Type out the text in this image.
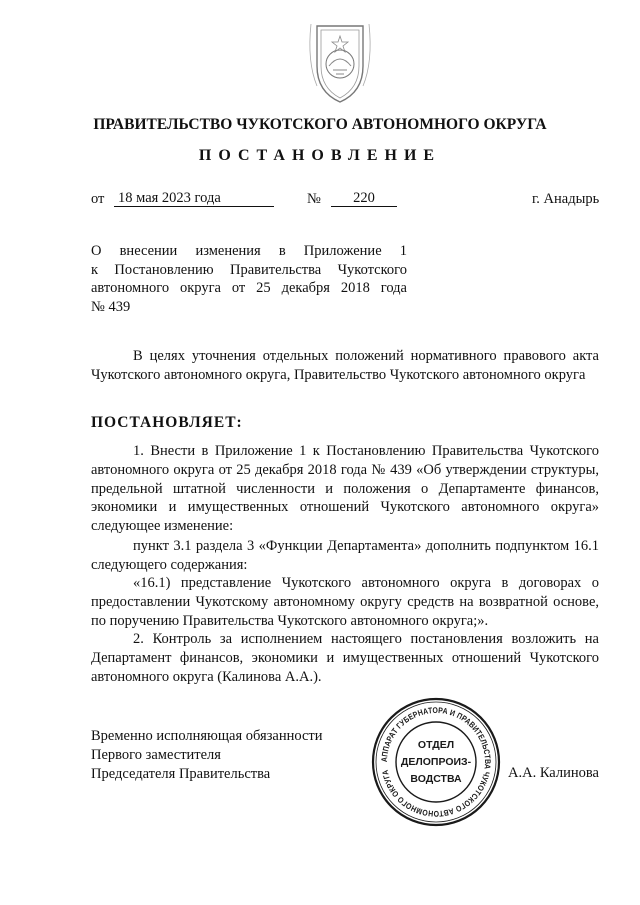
ПРАВИТЕЛЬСТВО ЧУКОТСКОГО АВТОНОМНОГО ОКРУГА
ПОСТАНОВЛЕНИЕ
от 18 мая 2023 года	№	220	г. Анадырь
О внесении изменения в Приложение 1
к Постановлению Правительства Чукотского
автономного округа от 25 декабря 2018 года
№ 439
В целях уточнения отдельных положений нормативного правового акта Чукотского автономного округа, Правительство Чукотского автономного округа
ПОСТАНОВЛЯЕТ:
1. Внести в Приложение 1 к Постановлению Правительства Чукотского автономного округа от 25 декабря 2018 года № 439 «Об утверждении структуры, предельной штатной численности и положения о Департаменте финансов, экономики и имущественных отношений Чукотского автономного округа» следующее изменение:
пункт 3.1 раздела 3 «Функции Департамента» дополнить подпунктом 16.1 следующего содержания:
«16.1) представление Чукотского автономного округа в договорах о предоставлении Чукотскому автономному округу средств на возвратной основе, по поручению Правительства Чукотского автономного округа;».
2. Контроль за исполнением настоящего постановления возложить на Департамент финансов, экономики и имущественных отношений Чукотского автономного округа (Калинова А.А.).
Временно исполняющая обязанности
Первого заместителя
Председателя Правительства	А.А. Калинова
АППАРАТ ГУБЕРНАТОРА И ПРАВИТЕЛЬСТВА ЧУКОТСКОГО АВТОНОМНОГО ОКРУГА
ОТДЕЛ
ДЕЛОПРОИЗ-
ВОДСТВА
